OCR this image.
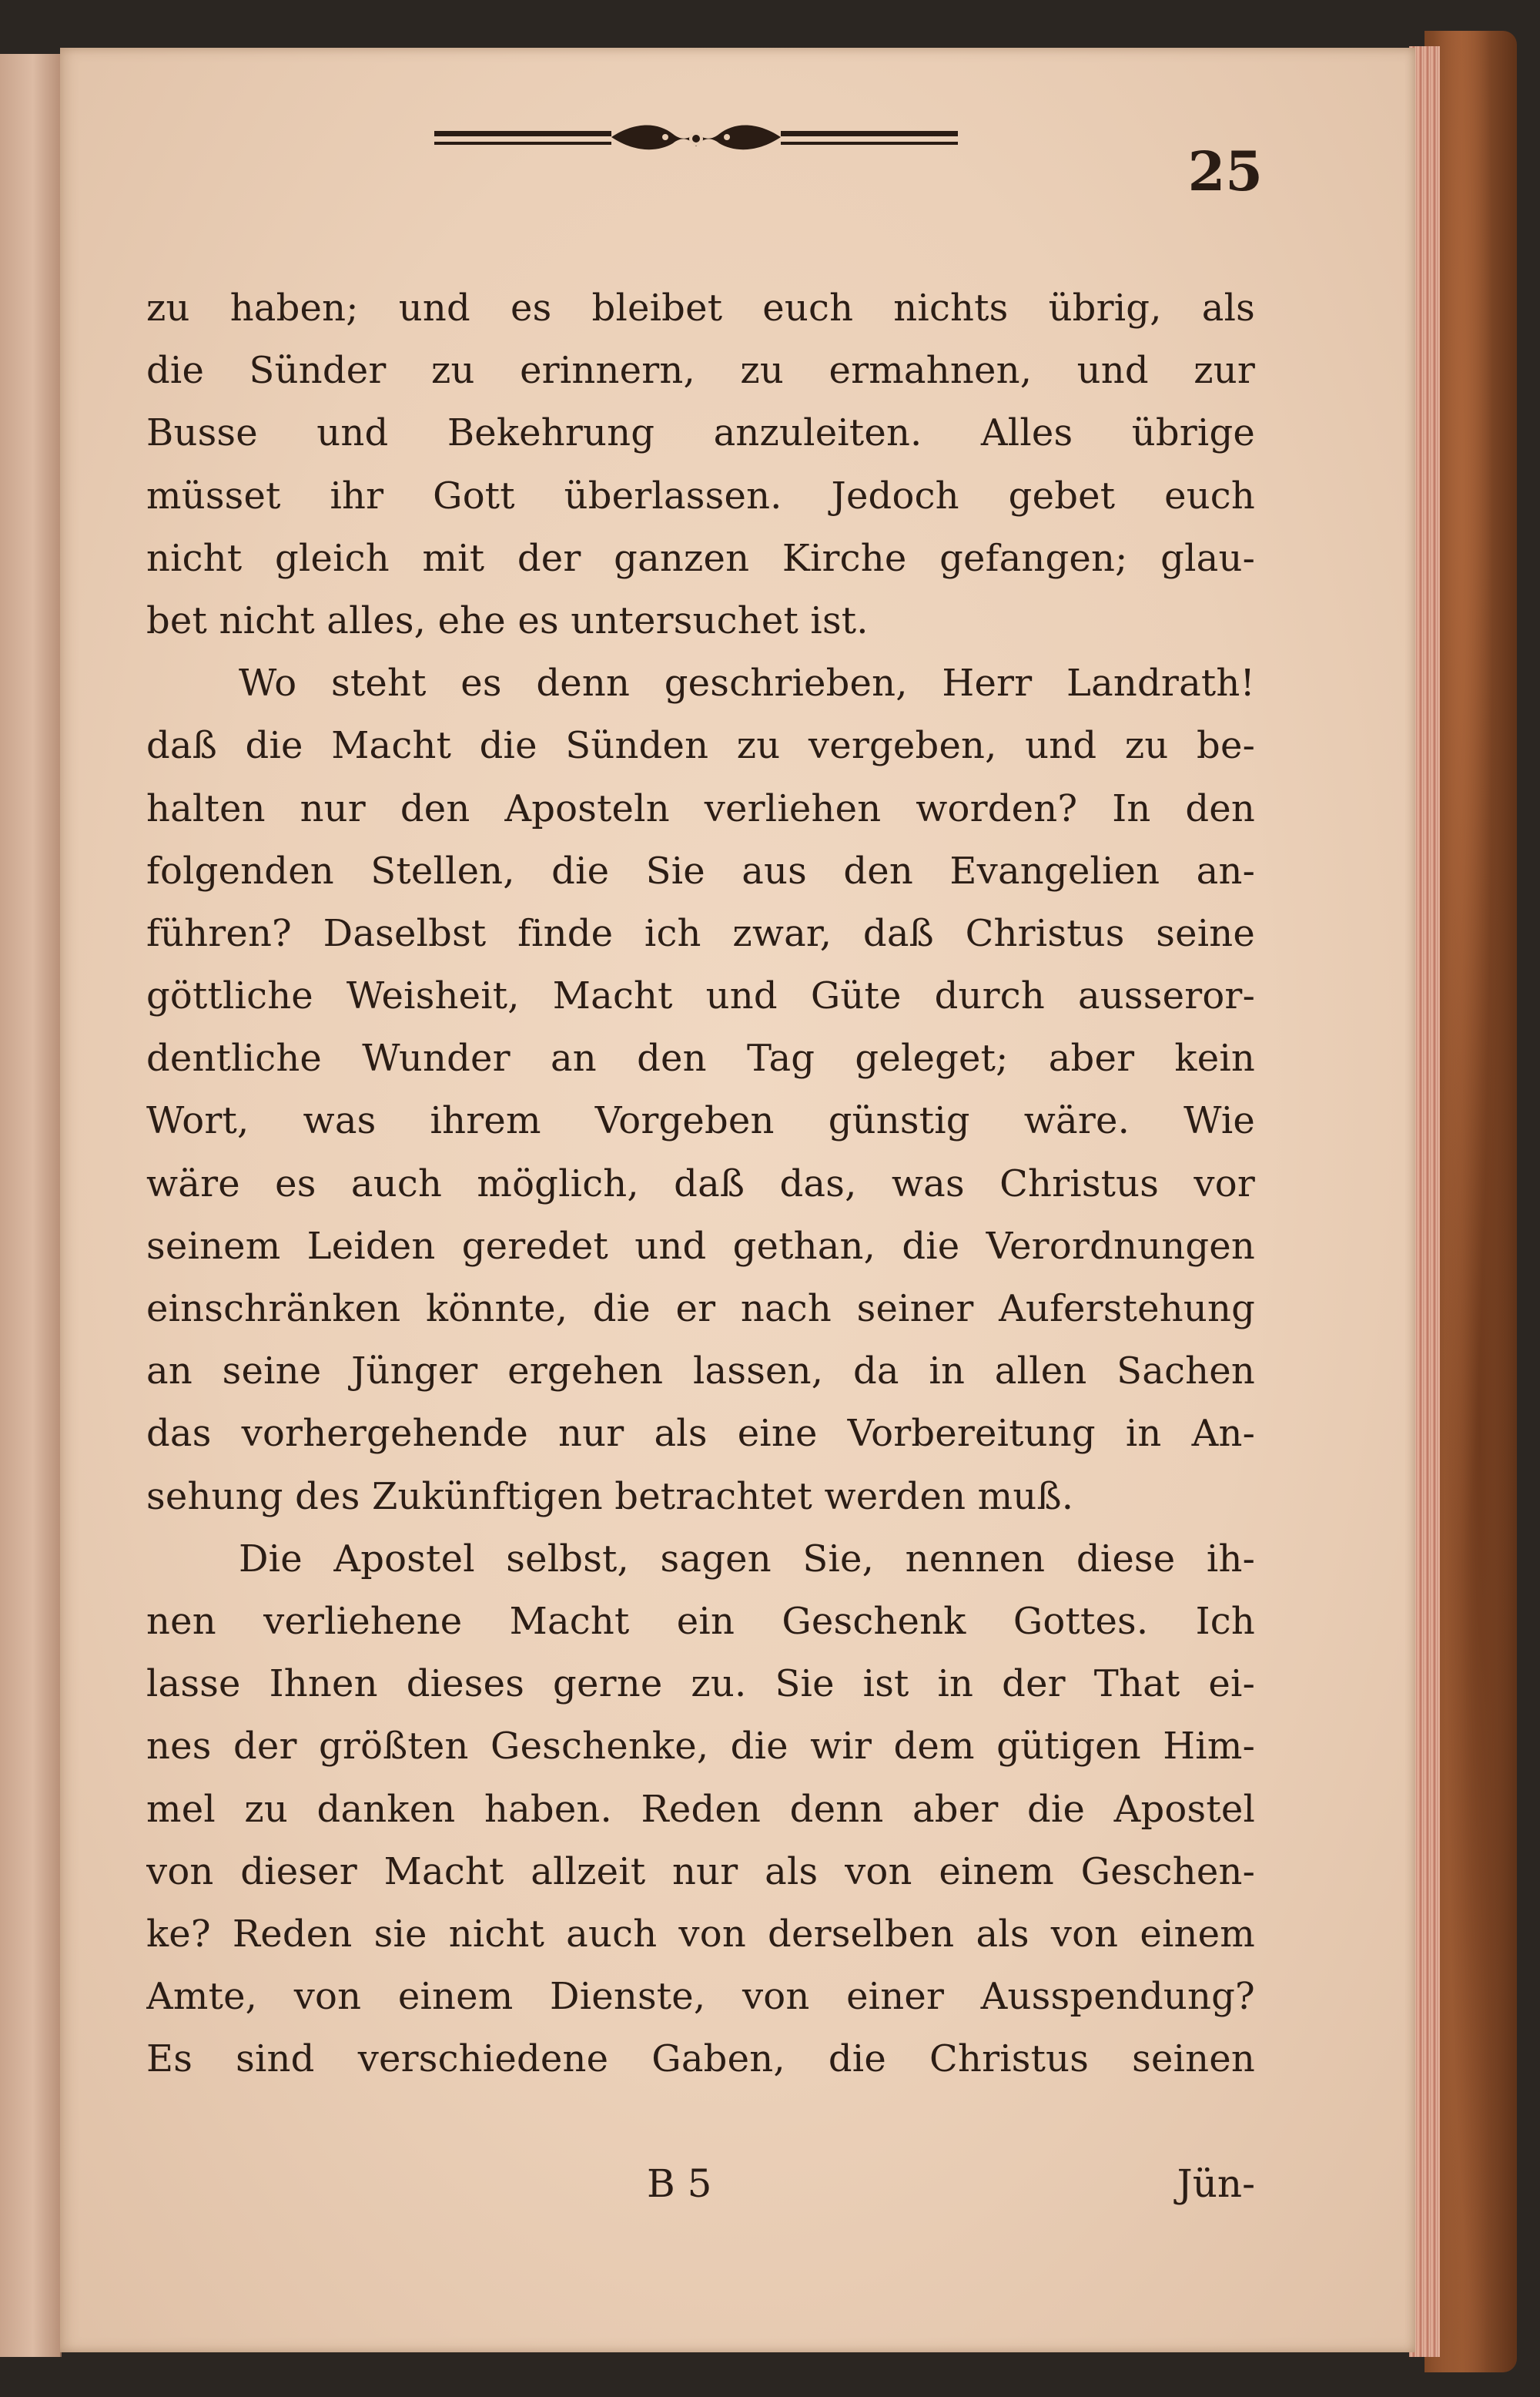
25
zu haben; und es bleibet euch nichts übrig, als
die Sünder zu erinnern, zu ermahnen, und zur
Busse und Bekehrung anzuleiten. Alles übrige
müsset ihr Gott überlassen. Jedoch gebet euch
nicht gleich mit der ganzen Kirche gefangen; glau-
bet nicht alles, ehe es untersuchet ist.
Wo steht es denn geschrieben, Herr Landrath!
daß die Macht die Sünden zu vergeben, und zu be-
halten nur den Aposteln verliehen worden? In den
folgenden Stellen, die Sie aus den Evangelien an-
führen? Daselbst finde ich zwar, daß Christus seine
göttliche Weisheit, Macht und Güte durch ausseror-
dentliche Wunder an den Tag geleget; aber kein
Wort, was ihrem Vorgeben günstig wäre. Wie
wäre es auch möglich, daß das, was Christus vor
seinem Leiden geredet und gethan, die Verordnungen
einschränken könnte, die er nach seiner Auferstehung
an seine Jünger ergehen lassen, da in allen Sachen
das vorhergehende nur als eine Vorbereitung in An-
sehung des Zukünftigen betrachtet werden muß.
Die Apostel selbst, sagen Sie, nennen diese ih-
nen verliehene Macht ein Geschenk Gottes. Ich
lasse Ihnen dieses gerne zu. Sie ist in der That ei-
nes der größten Geschenke, die wir dem gütigen Him-
mel zu danken haben. Reden denn aber die Apostel
von dieser Macht allzeit nur als von einem Geschen-
ke? Reden sie nicht auch von derselben als von einem
Amte, von einem Dienste, von einer Ausspendung?
Es sind verschiedene Gaben, die Christus seinen
B 5	Jün-
